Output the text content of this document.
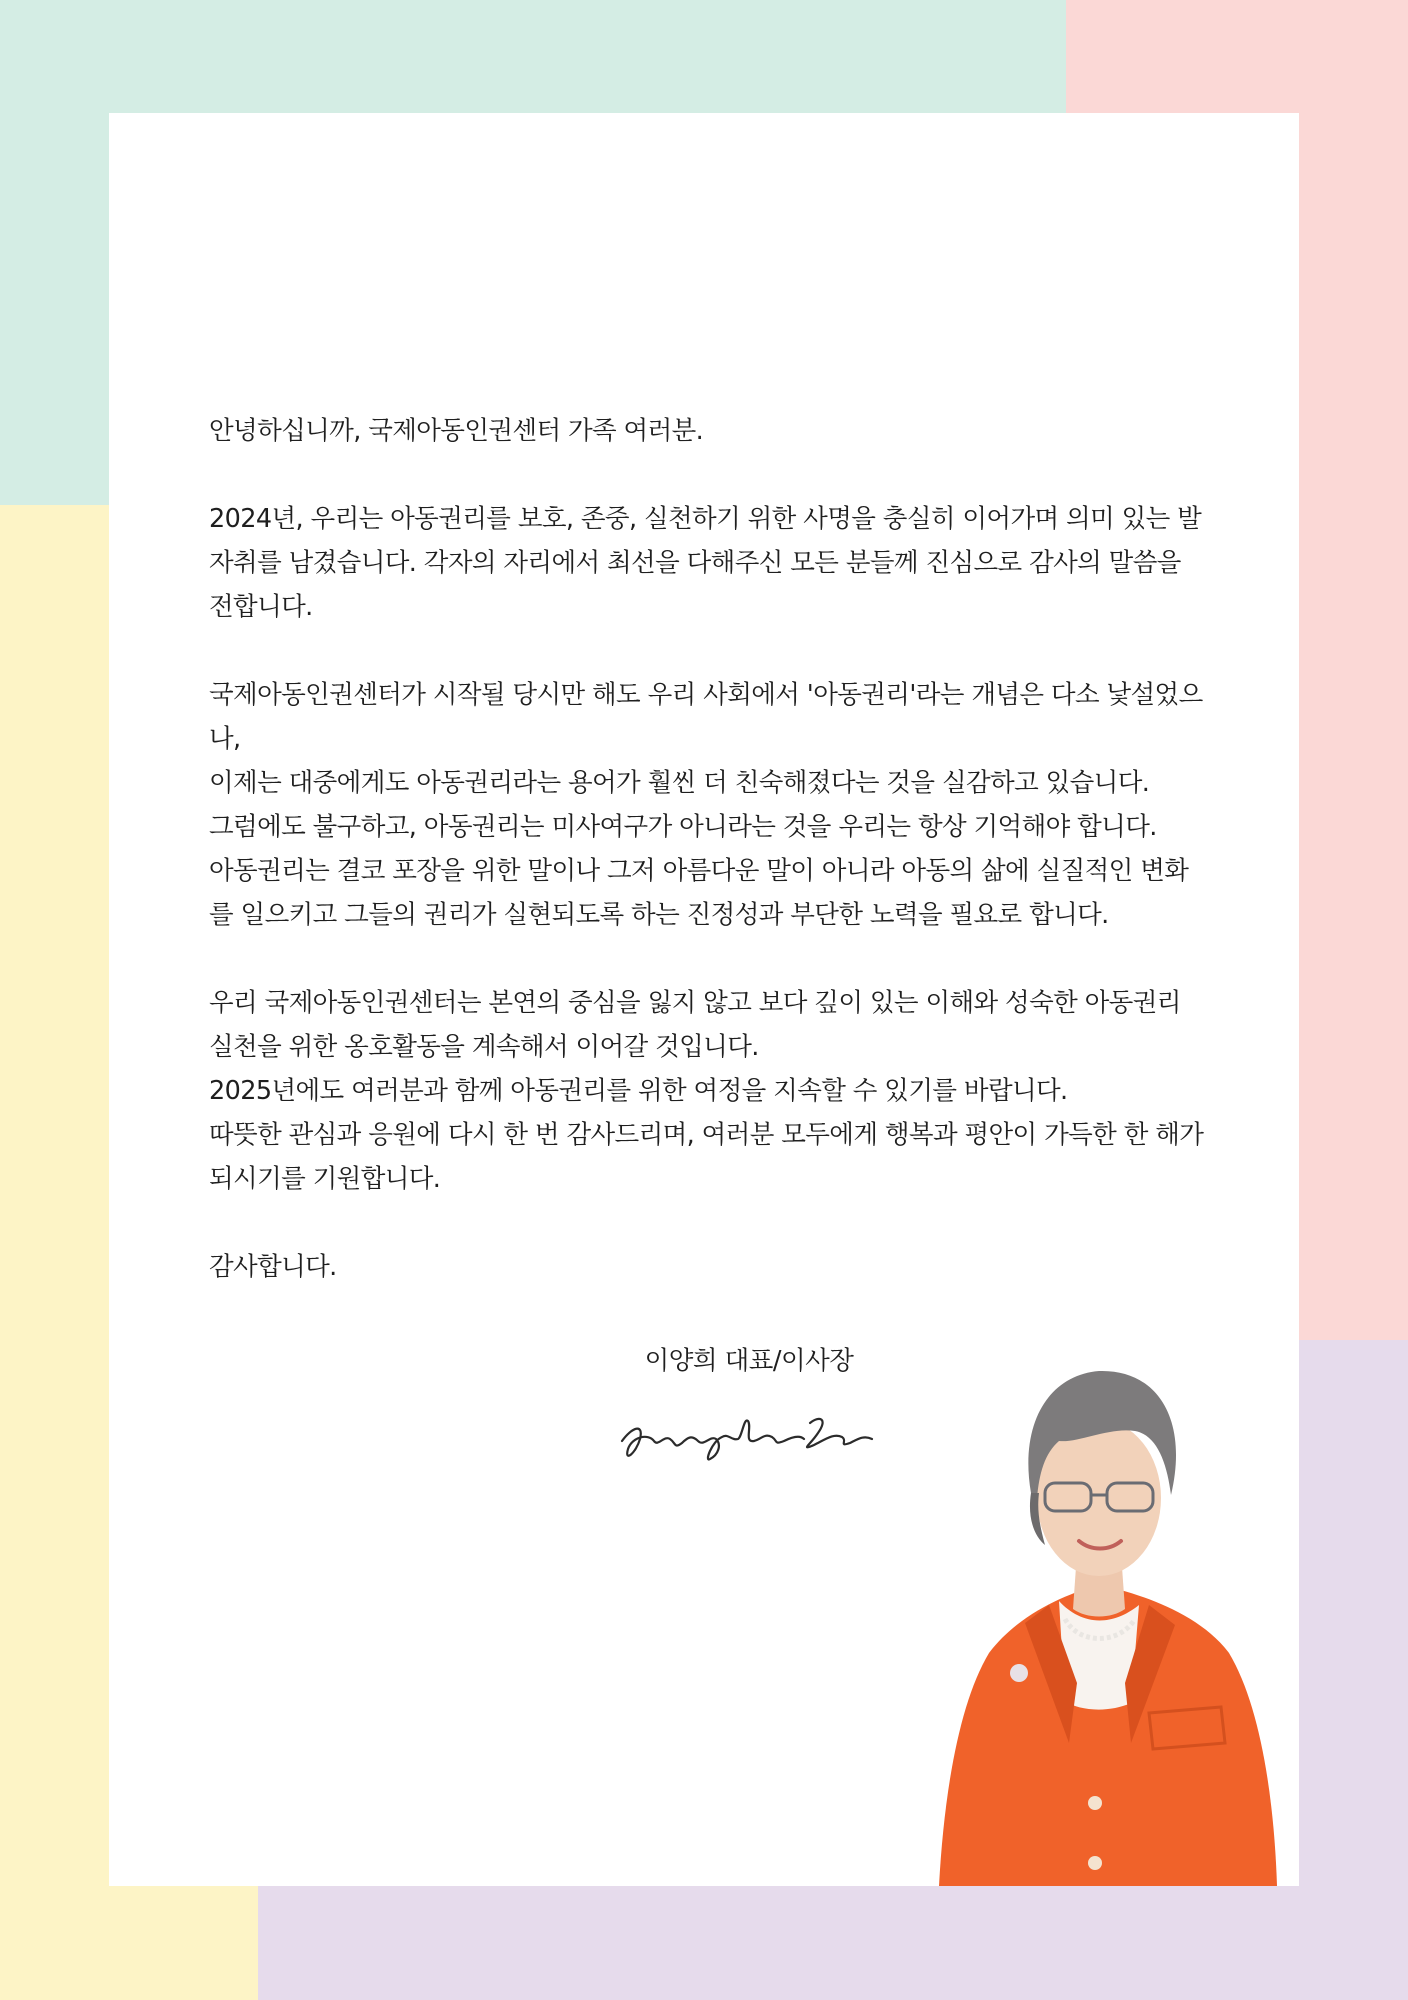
안녕하십니까, 국제아동인권센터 가족 여러분.

2024년, 우리는 아동권리를 보호, 존중, 실천하기 위한 사명을 충실히 이어가며 의미 있는 발
자취를 남겼습니다. 각자의 자리에서 최선을 다해주신 모든 분들께 진심으로 감사의 말씀을
전합니다.

국제아동인권센터가 시작될 당시만 해도 우리 사회에서 '아동권리'라는 개념은 다소 낯설었으나,
이제는 대중에게도 아동권리라는 용어가 훨씬 더 친숙해졌다는 것을 실감하고 있습니다.
그럼에도 불구하고, 아동권리는 미사여구가 아니라는 것을 우리는 항상 기억해야 합니다.
아동권리는 결코 포장을 위한 말이나 그저 아름다운 말이 아니라 아동의 삶에 실질적인 변화
를 일으키고 그들의 권리가 실현되도록 하는 진정성과 부단한 노력을 필요로 합니다.

우리 국제아동인권센터는 본연의 중심을 잃지 않고 보다 깊이 있는 이해와 성숙한 아동권리
실천을 위한 옹호활동을 계속해서 이어갈 것입니다.
2025년에도 여러분과 함께 아동권리를 위한 여정을 지속할 수 있기를 바랍니다.
따뜻한 관심과 응원에 다시 한 번 감사드리며, 여러분 모두에게 행복과 평안이 가득한 한 해가
되시기를 기원합니다.

감사합니다.

이양희 대표/이사장
